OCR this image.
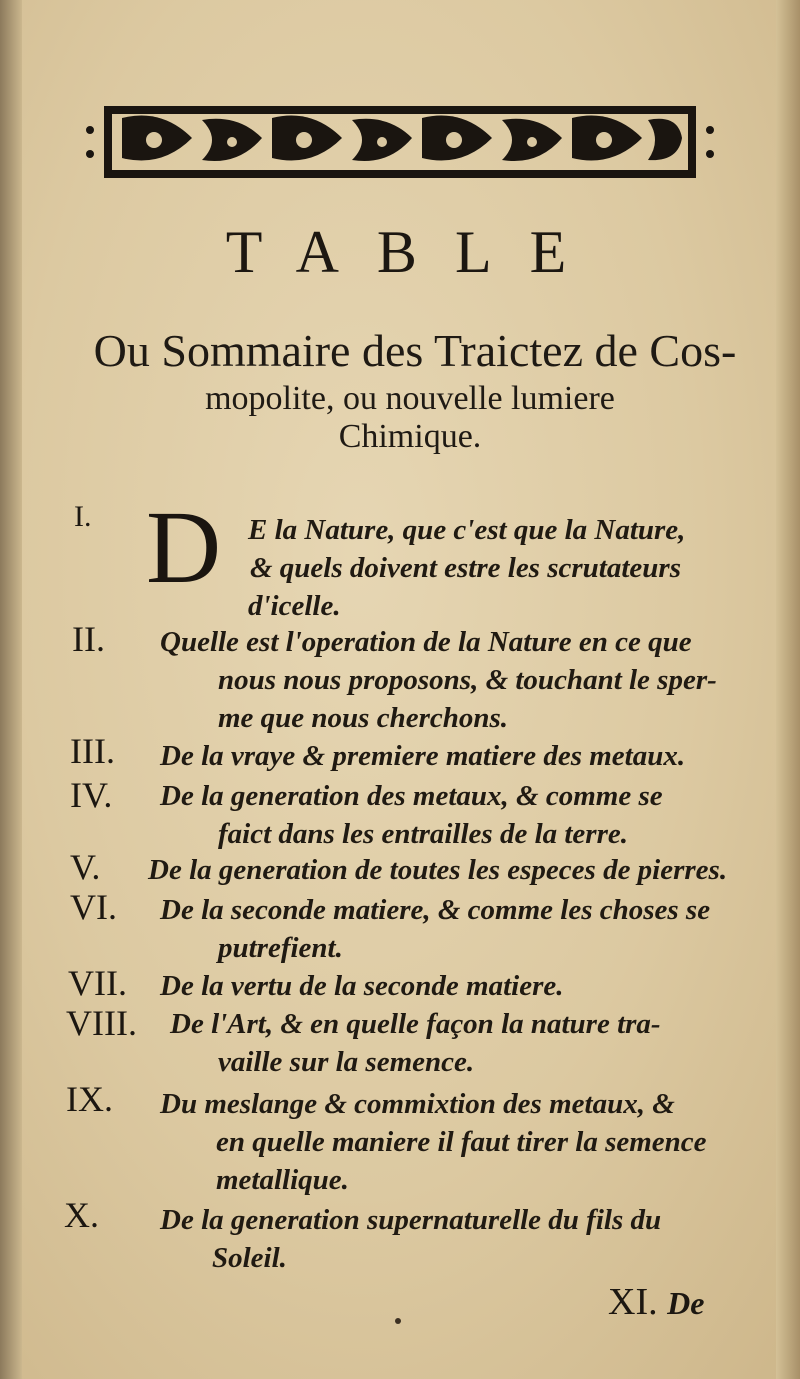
TABLE
Ou Sommaire des Traictez de Cos-
mopolite, ou nouvelle lumiere
Chimique.
I. D E la Nature, que c'est que la Nature,
& quels doivent estre les scrutateurs
d'icelle.
II. Quelle est l'operation de la Nature en ce que
nous nous proposons, & touchant le sper-
me que nous cherchons.
III. De la vraye & premiere matiere des metaux.
IV. De la generation des metaux, & comme se
faict dans les entrailles de la terre.
V. De la generation de toutes les especes de pierres.
VI. De la seconde matiere, & comme les choses se
putrefient.
VII. De la vertu de la seconde matiere.
VIII. De l'Art, & en quelle façon la nature tra-
vaille sur la semence.
IX. Du meslange & commixtion des metaux, &
en quelle maniere il faut tirer la semence
metallique.
X. De la generation supernaturelle du fils du
Soleil.
XI. De
